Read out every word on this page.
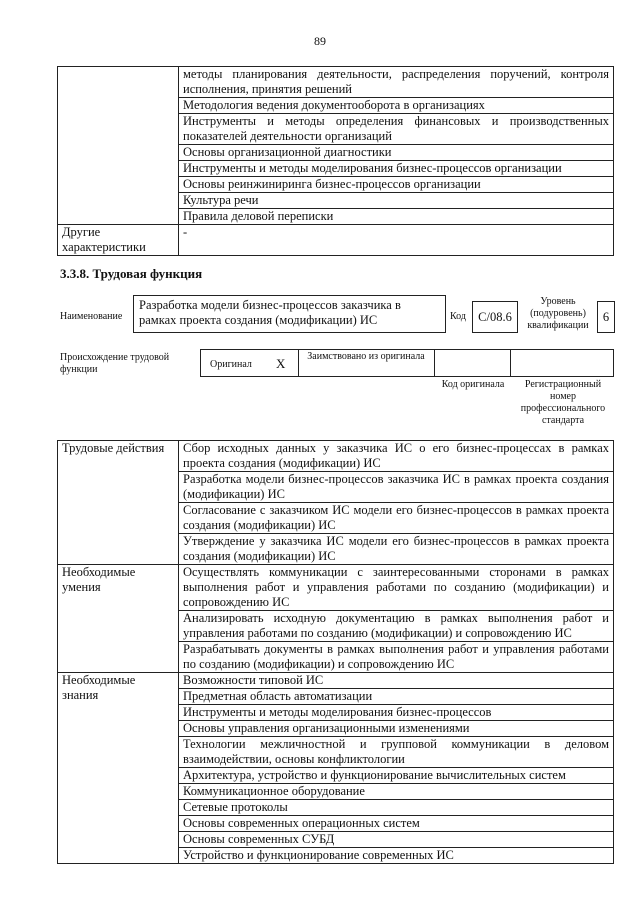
89
	методы планирования деятельности, распределения поручений, контроля исполнения, принятия решений
	Методология ведения документооборота в организациях
	Инструменты и методы определения финансовых и производственных показателей деятельности организаций
	Основы организационной диагностики
	Инструменты и методы моделирования бизнес-процессов организации
	Основы реинжиниринга бизнес-процессов организации
	Культура речи
	Правила деловой переписки
Другие характеристики	-
3.3.8. Трудовая функция
Наименование
Разработка модели бизнес-процессов заказчика в рамках проекта создания (модификации) ИС	Код С/08.6
Уровень (подуровень) квалификации
6
Происхождение трудовой функции	Оригинал X	Заимствовано из оригинала
Код оригинала	Регистрационный номер профессионального стандарта
Трудовые действия	Сбор исходных данных у заказчика ИС о его бизнес-процессах в рамках проекта создания (модификации) ИС
	Разработка модели бизнес-процессов заказчика ИС в рамках проекта создания (модификации) ИС
	Согласование с заказчиком ИС модели его бизнес-процессов в рамках проекта создания (модификации) ИС
	Утверждение у заказчика ИС модели его бизнес-процессов в рамках проекта создания (модификации) ИС
Необходимые умения	Осуществлять коммуникации с заинтересованными сторонами в рамках выполнения работ и управления работами по созданию (модификации) и сопровождению ИС
	Анализировать исходную документацию в рамках выполнения работ и управления работами по созданию (модификации) и сопровождению ИС
	Разрабатывать документы в рамках выполнения работ и управления работами по созданию (модификации) и сопровождению ИС
Необходимые знания	Возможности типовой ИС
	Предметная область автоматизации
	Инструменты и методы моделирования бизнес-процессов
	Основы управления организационными изменениями
	Технологии межличностной и групповой коммуникации в деловом взаимодействии, основы конфликтологии
	Архитектура, устройство и функционирование вычислительных систем
	Коммуникационное оборудование
	Сетевые протоколы
	Основы современных операционных систем
	Основы современных СУБД
	Устройство и функционирование современных ИС
